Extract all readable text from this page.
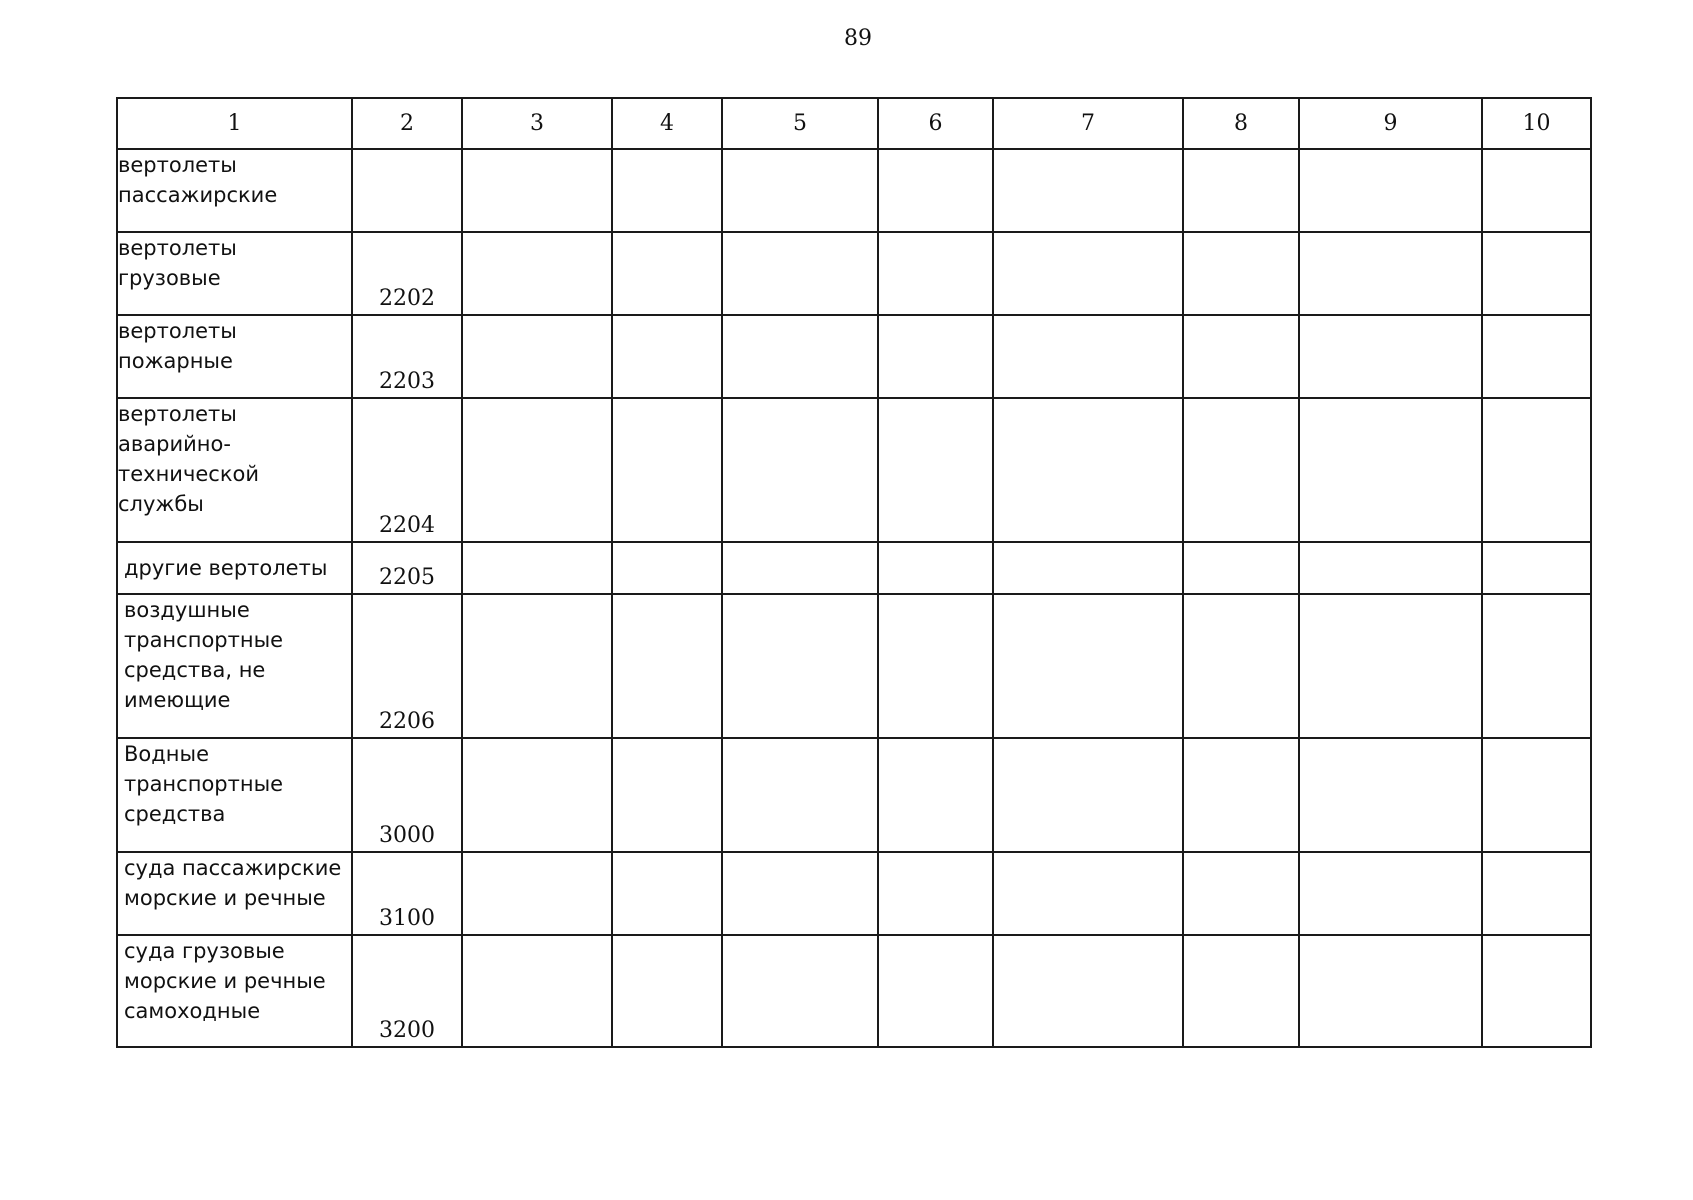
89
1	2	3	4	5	6	7	8	9	10
вертолеты
пассажирские									
вертолеты
грузовые	2202								
вертолеты
пожарные	2203								
вертолеты
аварийно-
технической
службы	2204								
другие вертолеты	2205								
воздушные
транспортные
средства, не
имеющие	2206								
Водные
транспортные
средства	3000								
суда пассажирские
морские и речные	3100								
суда грузовые
морские и речные
самоходные	3200								
